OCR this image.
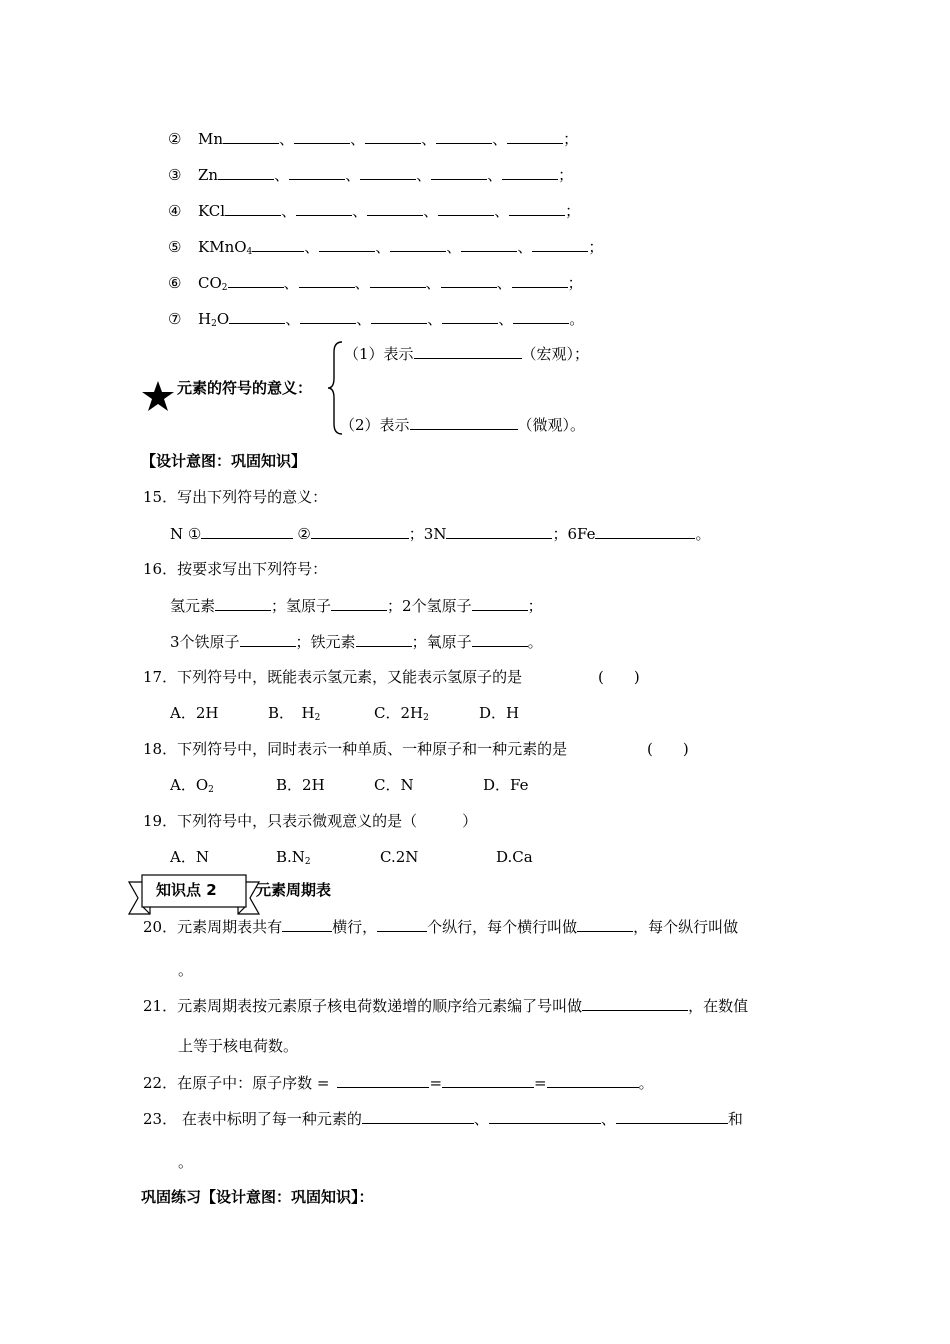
② Mn	、	、	、	、	；
③ Zn	、	、	、	、	；
④ KCl	、	、	、	、	；
⑤ KMnO$_4$	、	、	、	、	；
⑥ $CO_2$	、	、	、	、	；
⑦ $H_2O$	、	、	、	、	。
元素的符号的意义：
（1）表示	（宏观）；
（2）表示	（微观）。
【设计意图：巩固知识】
15．写出下列符号的意义：
N ①	②	；3N	；6Fe	。
16．按要求写出下列符号：
氢元素	；氢原子	；2个氢原子	；
3个铁原子	；铁元素	；氧原子	。
17．下列符号中，既能表示氢元素，又能表示氢原子的是	(　　)
A．2H	B．　$H_2$	C．$2H_2$	D．H
18．下列符号中，同时表示一种单质、一种原子和一种元素的是	(　　)
A．$O_2$	B．2H	C．N	D．Fe
19．下列符号中，只表示微观意义的是（　　　）
A．N	$B.N_2$	C.2N	D.Ca
知识点 2	元素周期表
20．元素周期表共有	横行，	个纵行，每个横行叫做	，每个纵行叫做
。
21．元素周期表按元素原子核电荷数递增的顺序给元素编了号叫做	，在数值
上等于核电荷数。
22．在原子中：原子序数 =	=	=	。
23． 在表中标明了每一种元素的	、	、	和
。
巩固练习【设计意图：巩固知识】：
